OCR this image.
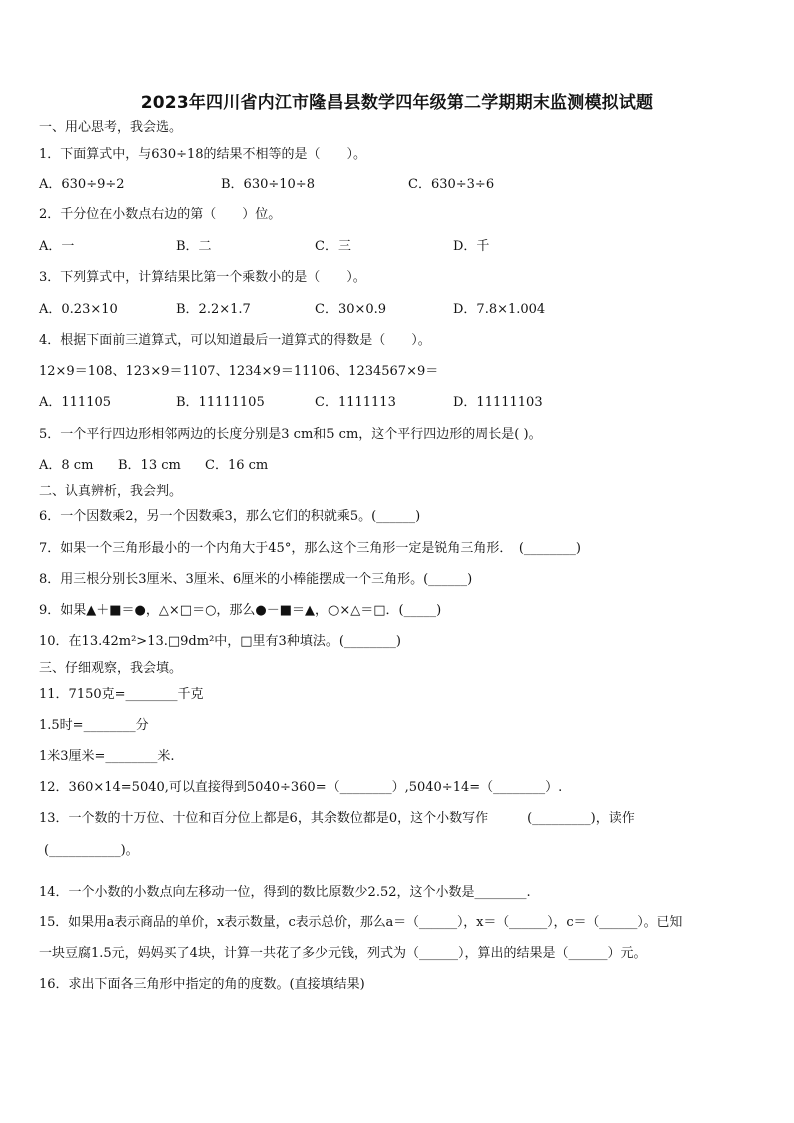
2023年四川省内江市隆昌县数学四年级第二学期期末监测模拟试题
一、用心思考，我会选。
1．下面算式中，与630÷18的结果不相等的是（　　）。
A．630÷9÷2	B．630÷10÷8	C．630÷3÷6
2．千分位在小数点右边的第（　　）位。
A．一	B．二	C．三	D．千
3．下列算式中，计算结果比第一个乘数小的是（　　）。
A．0.23×10	B．2.2×1.7	C．30×0.9	D．7.8×1.004
4．根据下面前三道算式，可以知道最后一道算式的得数是（　　）。
12×9＝108、123×9＝1107、1234×9＝11106、1234567×9＝
A．111105	B．11111105	C．1111113	D．11111103
5．一个平行四边形相邻两边的长度分别是3 cm和5 cm，这个平行四边形的周长是( )。
A．8 cm B．13 cm C．16 cm
二、认真辨析，我会判。
6．一个因数乘2，另一个因数乘3，那么它们的积就乘5。(______)
7．如果一个三角形最小的一个内角大于45°，那么这个三角形一定是锐角三角形．　(________)
8．用三根分别长3厘米、3厘米、6厘米的小棒能摆成一个三角形。(______)
9．如果▲＋■＝●，△×□＝○，那么●－■＝▲，○×△＝□．(_____)
10．在13.42m²>13.□9dm²中，□里有3种填法。(________)
三、仔细观察，我会填。
11．7150克=________千克
1.5时=________分
1米3厘米=________米.
12．360×14=5040,可以直接得到5040÷360=（________）,5040÷14=（________）.
13．一个数的十万位、十位和百分位上都是6，其余数位都是0，这个小数写作　　　(_________)，读作
(___________)。
14．一个小数的小数点向左移动一位，得到的数比原数少2.52，这个小数是________.
15．如果用a表示商品的单价，x表示数量，c表示总价，那么a＝（______），x＝（______），c＝（______）。已知
一块豆腐1.5元，妈妈买了4块，计算一共花了多少元钱，列式为（______），算出的结果是（______）元。
16．求出下面各三角形中指定的角的度数。(直接填结果)
